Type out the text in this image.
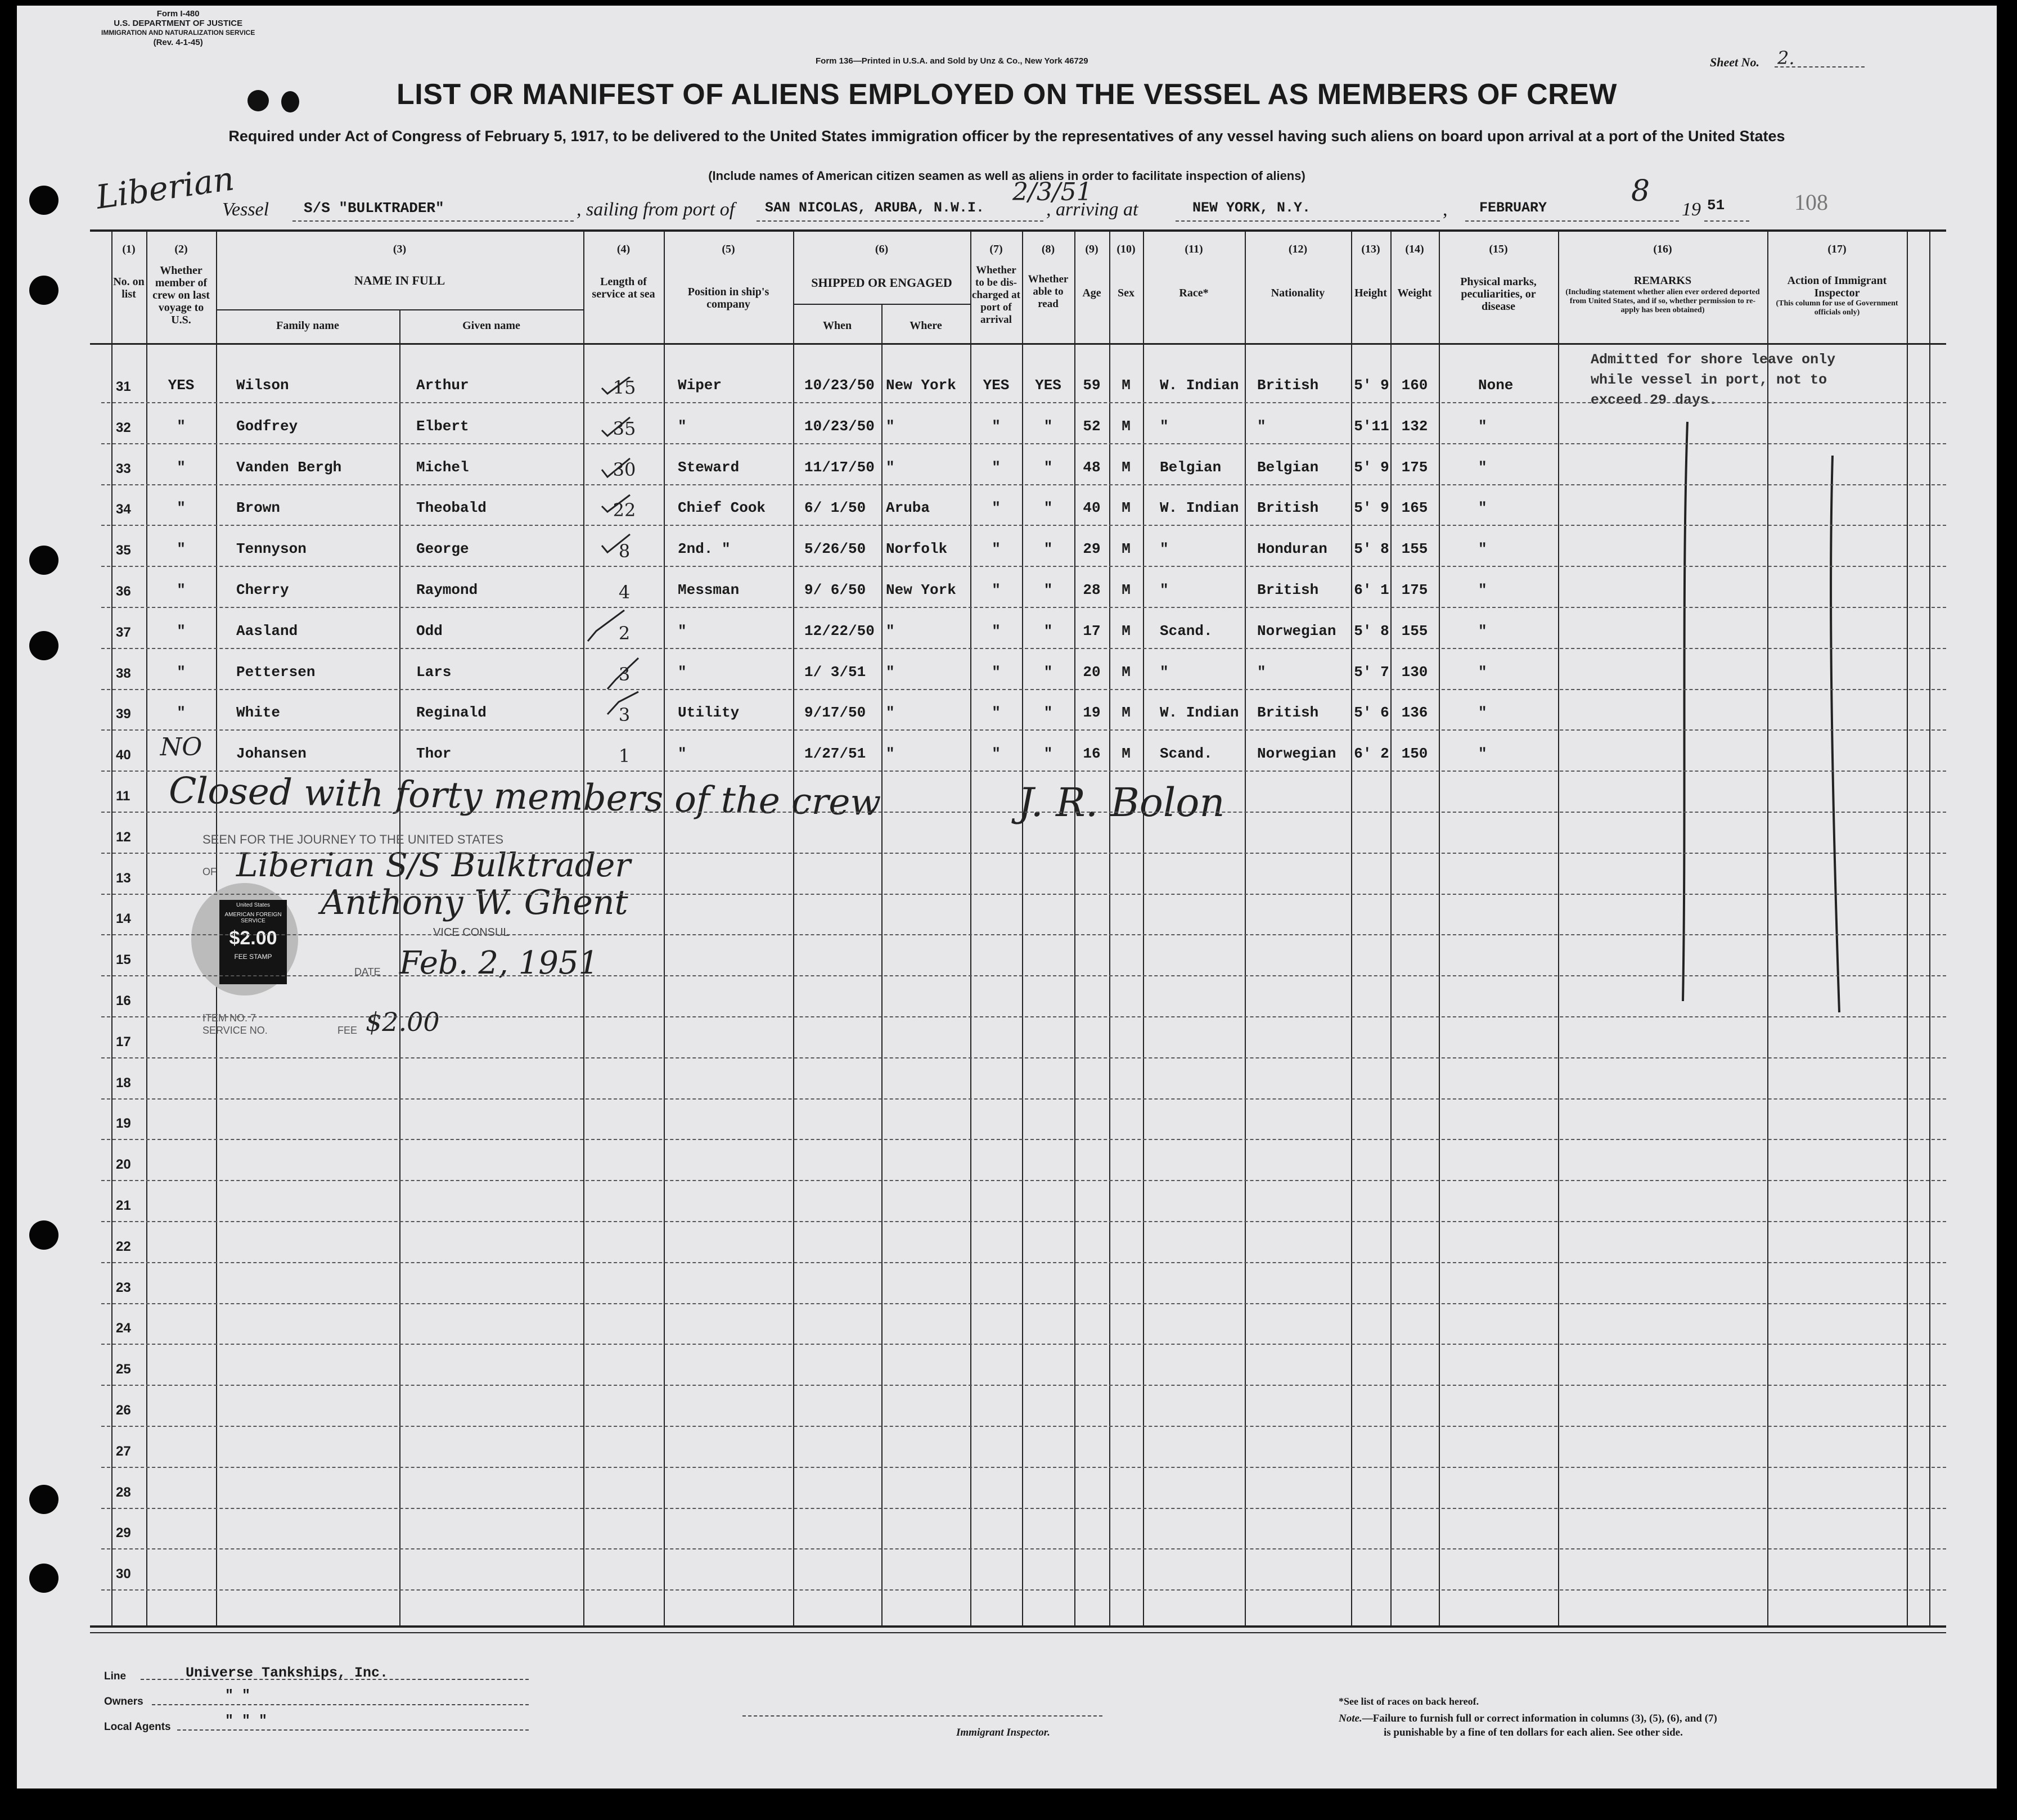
Form I-480
U.S. DEPARTMENT OF JUSTICE
IMMIGRATION AND NATURALIZATION SERVICE
(Rev. 4-1-45)
Form 136—Printed in U.S.A. and Sold by Unz & Co., New York 46729	Sheet No. 2.
LIST OR MANIFEST OF ALIENS EMPLOYED ON THE VESSEL AS MEMBERS OF CREW
Required under Act of Congress of February 5, 1917, to be delivered to the United States immigration officer by the representatives of any vessel having such aliens on board upon arrival at a port of the United States
(Include names of American citizen seamen as well as aliens in order to facilitate inspection of aliens)
Liberian
Vessel S/S "BULKTRADER"	, sailing from port of SAN NICOLAS, ARUBA, N.W.I.
2/3/51
, arriving at	NEW YORK, N.Y.	, FEBRUARY	8
19 51	108
(1)	(2)	(3)	(4)	(5)	(6)	(7)	(8)	(9)	(10)	(11)	(12)	(13)	(14)	(15)	(16)	(17)
No. on list
Whether member of crew on last voyage to U.S.
NAME IN FULL
Family name	Given name
Length of service at sea	Position in ship's company
SHIPPED OR ENGAGED
When	Where
Whether to be dis-charged at port of arrival
Whether able to read
Age	Sex	Race*	Nationality	Height Weight
Physical marks, peculiarities, or disease
REMARKS
(Including statement whether alien ever ordered deported from United States, and if so, whether permission to re-apply has been obtained)
Action of Immigrant Inspector
(This column for use of Government officials only)
31	YES	Wilson	Arthur	15	Wiper	10/23/50 New York	YES	YES	59	M	W. Indian	British	5' 9 160	None
32	"	Godfrey	Elbert	35	"	10/23/50 "	"	"	52	M	"	"	5'11 132	"
33	"	Vanden Bergh	Michel	30	Steward	11/17/50 "	"	"	48	M	Belgian	Belgian	5' 9 175	"
34	"	Brown	Theobald	22	Chief Cook	6/ 1/50	Aruba	"	"	40	M	W. Indian	British	5' 9 165	"
35	"	Tennyson	George	8	2nd. "	5/26/50	Norfolk	"	"	29	M	"	Honduran	5' 8 155	"
36	"	Cherry	Raymond	4	Messman	9/ 6/50	New York	"	"	28	M	"	British	6' 1 175	"
37	"	Aasland	Odd	2	"	12/22/50 "	"	"	17	M	Scand.	Norwegian	5' 8 155	"
38	"	Pettersen	Lars	3	"	1/ 3/51	"	"	"	20	M	"	"	5' 7 130	"
39	"	White	Reginald	3	Utility	9/17/50	"	"	"	19	M	W. Indian	British	5' 6 136	"
40	NO	Johansen	Thor	1	"	1/27/51	"	"	"	16	M	Scand.	Norwegian	6' 2 150	"
11
12
13
14
15
16
17
18
19
20
21
22
23
24
25
26
27
28
29
30
Admitted for shore leave only while vessel in port, not to exceed 29 days.
Closed with forty members of the crew	J. R. Bolon
SEEN FOR THE JOURNEY TO THE UNITED STATES
OF Liberian S/S Bulktrader
United States
AMERICAN FOREIGN SERVICE
$2.00
FEE STAMP
Anthony W. Ghent
VICE CONSUL
DATE Feb. 2, 1951
ITEM NO. 7
SERVICE NO.	FEE $2.00
Line	Universe Tankships, Inc.
Owners	" "
Local Agents	" " "
Immigrant Inspector.
*See list of races on back hereof.
Note.—Failure to furnish full or correct information in columns (3), (5), (6), and (7)
is punishable by a fine of ten dollars for each alien. See other side.
